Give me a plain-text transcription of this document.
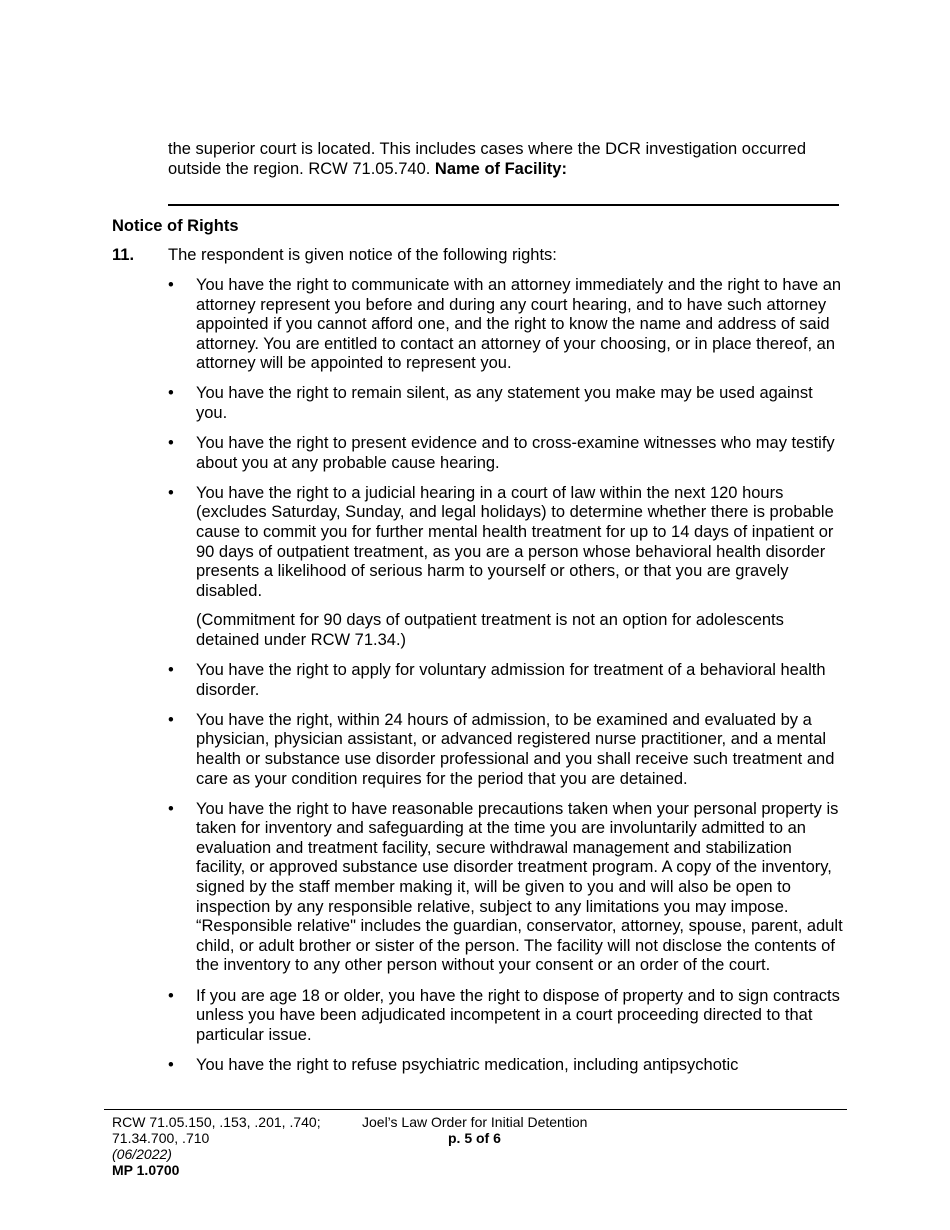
the superior court is located. This includes cases where the DCR investigation occurred outside the region. RCW 71.05.740. Name of Facility:
Notice of Rights
11. The respondent is given notice of the following rights:
• You have the right to communicate with an attorney immediately and the right to have an attorney represent you before and during any court hearing, and to have such attorney appointed if you cannot afford one, and the right to know the name and address of said attorney. You are entitled to contact an attorney of your choosing, or in place thereof, an attorney will be appointed to represent you.

• You have the right to remain silent, as any statement you make may be used against you.

• You have the right to present evidence and to cross-examine witnesses who may testify about you at any probable cause hearing.

• You have the right to a judicial hearing in a court of law within the next 120 hours (excludes Saturday, Sunday, and legal holidays) to determine whether there is probable cause to commit you for further mental health treatment for up to 14 days of inpatient or 90 days of outpatient treatment, as you are a person whose behavioral health disorder presents a likelihood of serious harm to yourself or others, or that you are gravely disabled.

(Commitment for 90 days of outpatient treatment is not an option for adolescents detained under RCW 71.34.)

• You have the right to apply for voluntary admission for treatment of a behavioral health disorder.

• You have the right, within 24 hours of admission, to be examined and evaluated by a physician, physician assistant, or advanced registered nurse practitioner, and a mental health or substance use disorder professional and you shall receive such treatment and care as your condition requires for the period that you are detained.

• You have the right to have reasonable precautions taken when your personal property is taken for inventory and safeguarding at the time you are involuntarily admitted to an evaluation and treatment facility, secure withdrawal management and stabilization facility, or approved substance use disorder treatment program. A copy of the inventory, signed by the staff member making it, will be given to you and will also be open to inspection by any responsible relative, subject to any limitations you may impose. “Responsible relative" includes the guardian, conservator, attorney, spouse, parent, adult child, or adult brother or sister of the person. The facility will not disclose the contents of the inventory to any other person without your consent or an order of the court.

• If you are age 18 or older, you have the right to dispose of property and to sign contracts unless you have been adjudicated incompetent in a court proceeding directed to that particular issue.

• You have the right to refuse psychiatric medication, including antipsychotic

RCW 71.05.150, .153, .201, .740;
71.34.700, .710
(06/2022)
MP 1.0700
Joel’s Law Order for Initial Detention
p. 5 of 6
